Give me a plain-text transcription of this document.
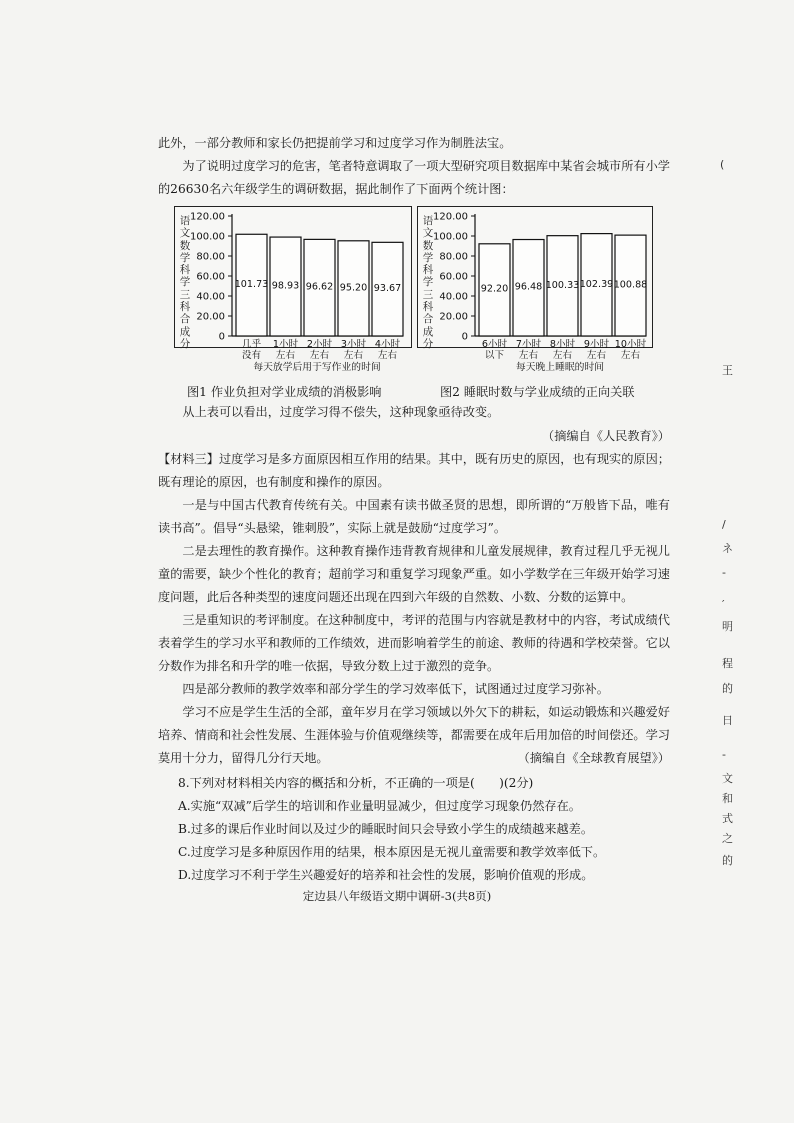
此外，一部分教师和家长仍把提前学习和过度学习作为制胜法宝。

为了说明过度学习的危害，笔者特意调取了一项大型研究项目数据库中某省会城市所有小学的26630名六年级学生的调研数据，据此制作了下面两个统计图：

语文数学科学三科合成分
0
20.00
40.00
60.00
80.00
100.00
120.00
101.73
几乎
没有
98.93
1小时
左右
96.62
2小时
左右
95.20
3小时
左右
93.67
4小时
左右
每天放学后用于写作业的时间
语文数学科学三科合成分
0
20.00
40.00
60.00
80.00
100.00
120.00
92.20
6小时
以下
96.48
7小时
左右
100.33
8小时
左右
102.39
9小时
左右
100.88
10小时
左右
每天晚上睡眠的时间
图1 作业负担对学业成绩的消极影响	图2 睡眠时数与学业成绩的正向关联

从上表可以看出，过度学习得不偿失，这种现象亟待改变。

（摘编自《人民教育》）

【材料三】过度学习是多方面原因相互作用的结果。其中，既有历史的原因，也有现实的原因；既有理论的原因，也有制度和操作的原因。

一是与中国古代教育传统有关。中国素有读书做圣贤的思想，即所谓的“万般皆下品，唯有读书高”。倡导“头悬梁，锥刺股”，实际上就是鼓励“过度学习”。

二是去理性的教育操作。这种教育操作违背教育规律和儿童发展规律，教育过程几乎无视儿童的需要，缺少个性化的教育；超前学习和重复学习现象严重。如小学数学在三年级开始学习速度问题，此后各种类型的速度问题还出现在四到六年级的自然数、小数、分数的运算中。

三是重知识的考评制度。在这种制度中，考评的范围与内容就是教材中的内容，考试成绩代表着学生的学习水平和教师的工作绩效，进而影响着学生的前途、教师的待遇和学校荣誉。它以分数作为排名和升学的唯一依据，导致分数上过于激烈的竞争。

四是部分教师的教学效率和部分学生的学习效率低下，试图通过过度学习弥补。

学习不应是学生生活的全部，童年岁月在学习领域以外欠下的耕耘，如运动锻炼和兴趣爱好培养、情商和社会性发展、生涯体验与价值观继续等，都需要在成年后用加倍的时间偿还。学习莫用十分力，留得几分行天地。	（摘编自《全球教育展望》）

8.下列对材料相关内容的概括和分析，不正确的一项是(　　)(2分)
A.实施“双减”后学生的培训和作业量明显减少，但过度学习现象仍然存在。
B.过多的课后作业时间以及过少的睡眠时间只会导致小学生的成绩越来越差。
C.过度学习是多种原因作用的结果，根本原因是无视儿童需要和教学效率低下。
D.过度学习不利于学生兴趣爱好的培养和社会性的发展，影响价值观的形成。
定边县八年级语文期中调研-3(共8页)
(
王
/
ネ
-
′
明
程
的
日
-
文
和
式
之
的
